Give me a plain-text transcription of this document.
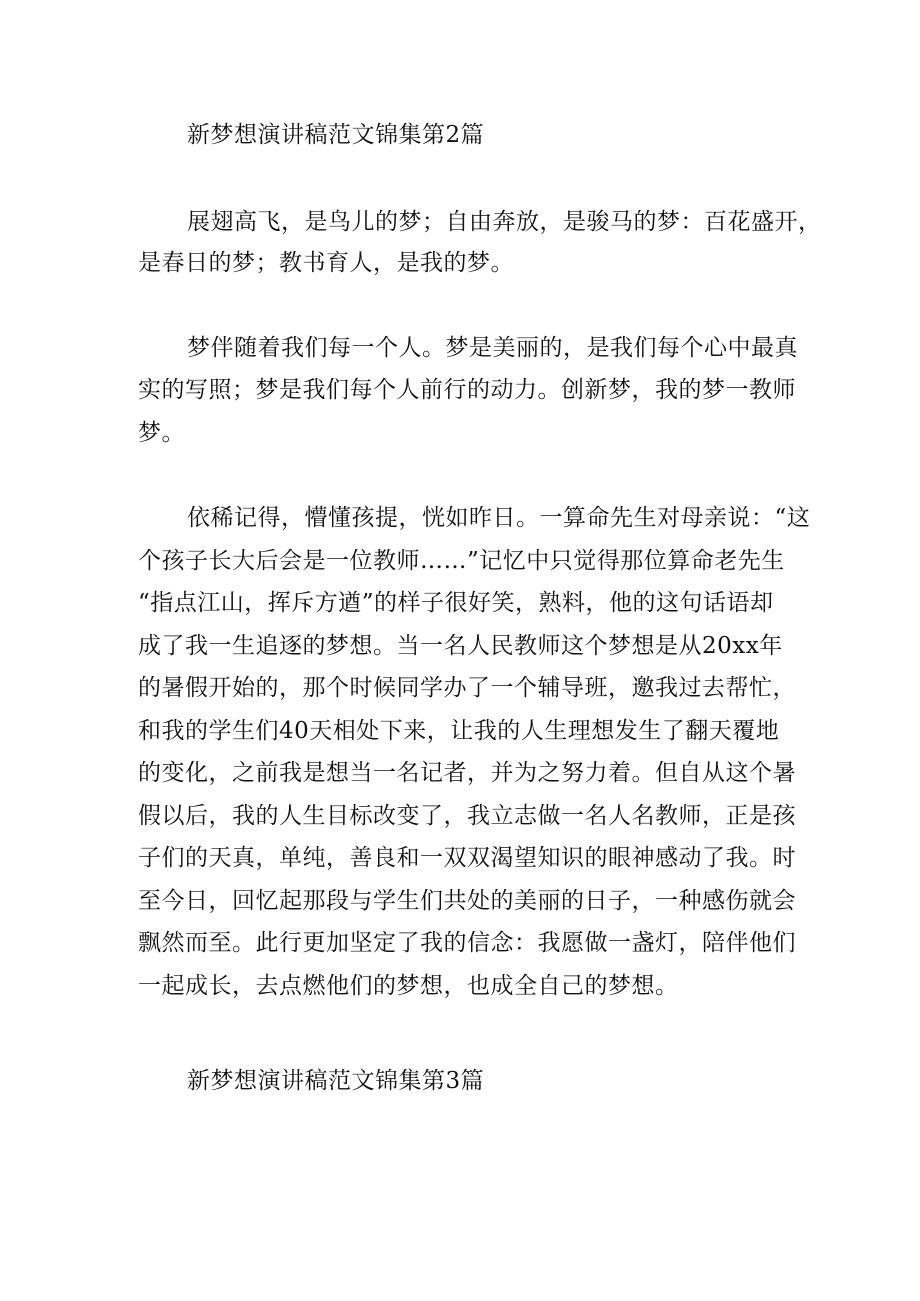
新梦想演讲稿范文锦集第2篇
展翅高飞，是鸟儿的梦；自由奔放，是骏马的梦：百花盛开，
是春日的梦；教书育人，是我的梦。
梦伴随着我们每一个人。梦是美丽的，是我们每个心中最真
实的写照；梦是我们每个人前行的动力。创新梦，我的梦一教师
梦。
依稀记得，懵懂孩提，恍如昨日。一算命先生对母亲说：“这
个孩子长大后会是一位教师……”记忆中只觉得那位算命老先生
“指点江山，挥斥方遒”的样子很好笑，熟料，他的这句话语却
成了我一生追逐的梦想。当一名人民教师这个梦想是从20xx年
的暑假开始的，那个时候同学办了一个辅导班，邀我过去帮忙，
和我的学生们40天相处下来，让我的人生理想发生了翻天覆地
的变化，之前我是想当一名记者，并为之努力着。但自从这个暑
假以后，我的人生目标改变了，我立志做一名人名教师，正是孩
子们的天真，单纯，善良和一双双渴望知识的眼神感动了我。时
至今日，回忆起那段与学生们共处的美丽的日子，一种感伤就会
飘然而至。此行更加坚定了我的信念：我愿做一盏灯，陪伴他们
一起成长，去点燃他们的梦想，也成全自己的梦想。
新梦想演讲稿范文锦集第3篇
